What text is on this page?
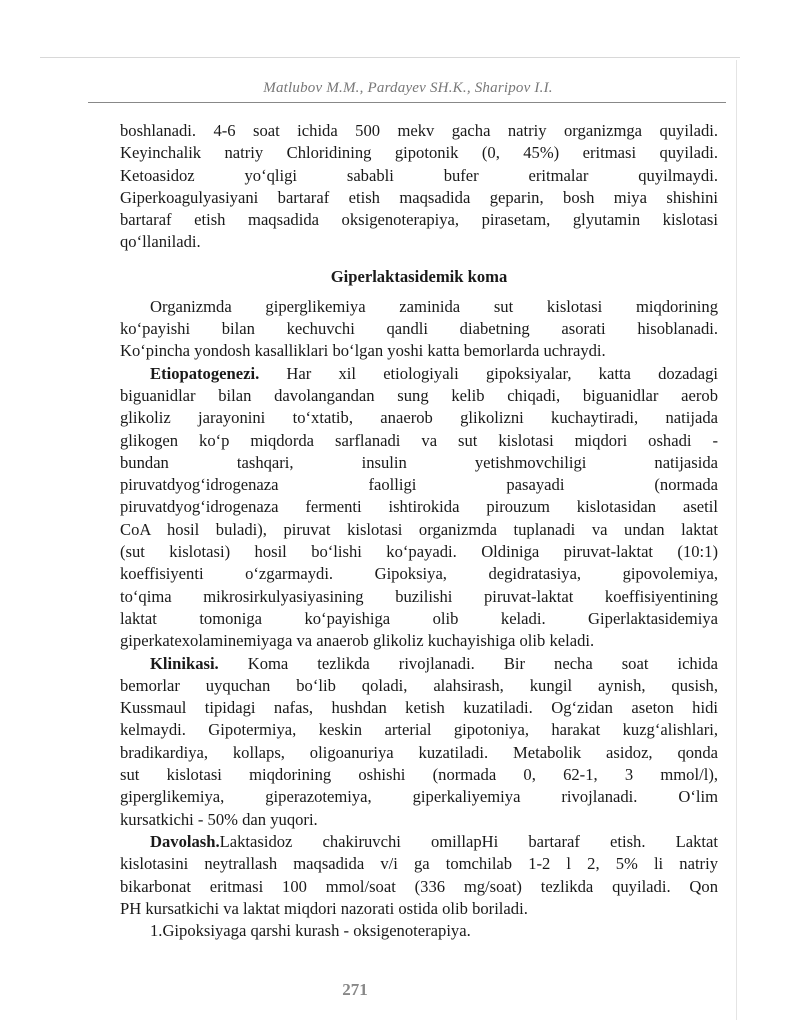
Matlubov M.M., Pardayev SH.K., Sharipov I.I.
boshlanadi. 4-6 soat ichida 500 mekv gacha natriy organizmga quyiladi.
Keyinchalik natriy Chloridining gipotonik (0, 45%) eritmasi quyiladi.
Ketoasidoz yo‘qligi sababli bufer eritmalar quyilmaydi.
Giperkoagulyasiyani bartaraf etish maqsadida geparin, bosh miya shishini
bartaraf etish maqsadida oksigenoterapiya, pirasetam, glyutamin kislotasi
qo‘llaniladi.
Giperlaktasidemik koma
Organizmda giperglikemiya zaminida sut kislotasi miqdorining
ko‘payishi bilan kechuvchi qandli diabetning asorati hisoblanadi.
Ko‘pincha yondosh kasalliklari bo‘lgan yoshi katta bemorlarda uchraydi.
Etiopatogenezi. Har xil etiologiyali gipoksiyalar, katta dozadagi
biguanidlar bilan davolangandan sung kelib chiqadi, biguanidlar aerob
glikoliz jarayonini to‘xtatib, anaerob glikolizni kuchaytiradi, natijada
glikogen ko‘p miqdorda sarflanadi va sut kislotasi miqdori oshadi -
bundan tashqari, insulin yetishmovchiligi natijasida
piruvatdyog‘idrogenaza faolligi pasayadi (normada
piruvatdyog‘idrogenaza fermenti ishtirokida pirouzum kislotasidan asetil
CoA hosil buladi), piruvat kislotasi organizmda tuplanadi va undan laktat
(sut kislotasi) hosil bo‘lishi ko‘payadi. Oldiniga piruvat-laktat (10:1)
koeffisiyenti o‘zgarmaydi. Gipoksiya, degidratasiya, gipovolemiya,
to‘qima mikrosirkulyasiyasining buzilishi piruvat-laktat koeffisiyentining
laktat tomoniga ko‘payishiga olib keladi. Giperlaktasidemiya
giperkatexolaminemiyaga va anaerob glikoliz kuchayishiga olib keladi.
Klinikasi. Koma tezlikda rivojlanadi. Bir necha soat ichida
bemorlar uyquchan bo‘lib qoladi, alahsirash, kungil aynish, qusish,
Kussmaul tipidagi nafas, hushdan ketish kuzatiladi. Og‘zidan aseton hidi
kelmaydi. Gipotermiya, keskin arterial gipotoniya, harakat kuzg‘alishlari,
bradikardiya, kollaps, oligoanuriya kuzatiladi. Metabolik asidoz, qonda
sut kislotasi miqdorining oshishi (normada 0, 62-1, 3 mmol/l),
giperglikemiya, giperazotemiya, giperkaliyemiya rivojlanadi. O‘lim
kursatkichi - 50% dan yuqori.
Davolash.Laktasidoz chakiruvchi omillapHi bartaraf etish. Laktat
kislotasini neytrallash maqsadida v/i ga tomchilab 1-2 l 2, 5% li natriy
bikarbonat eritmasi 100 mmol/soat (336 mg/soat) tezlikda quyiladi. Qon
PH kursatkichi va laktat miqdori nazorati ostida olib boriladi.
1.Gipoksiyaga qarshi kurash - oksigenoterapiya.
271
